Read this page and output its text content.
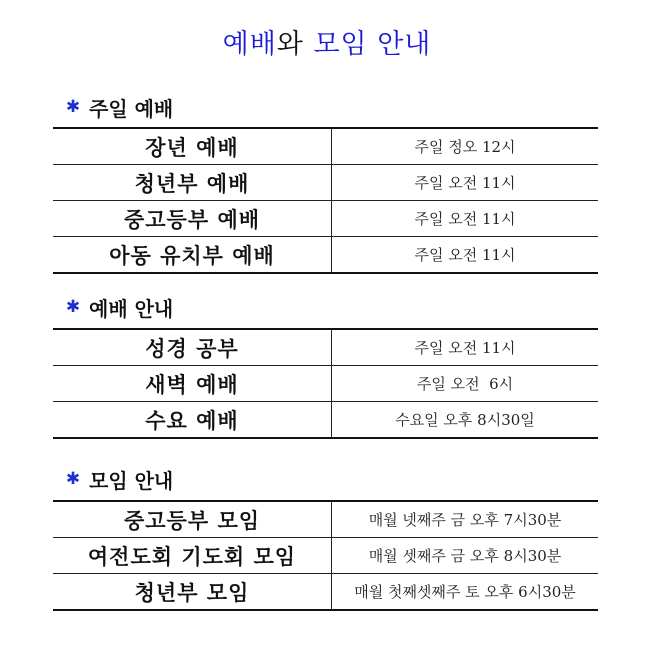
예배와 모임 안내
✱ 주일 예배
장년 예배	주일 정오 12시
청년부 예배	주일 오전 11시
중고등부 예배	주일 오전 11시
아동 유치부 예배	주일 오전 11시
✱ 예배 안내
성경 공부	주일 오전 11시
새벽 예배	주일 오전  6시
수요 예배	수요일 오후 8시30일
✱ 모임 안내
중고등부 모임	매월 넷째주 금 오후 7시30분
여전도회 기도회 모임	매월 셋째주 금 오후 8시30분
청년부 모임	매월 첫째셋째주 토 오후 6시30분
